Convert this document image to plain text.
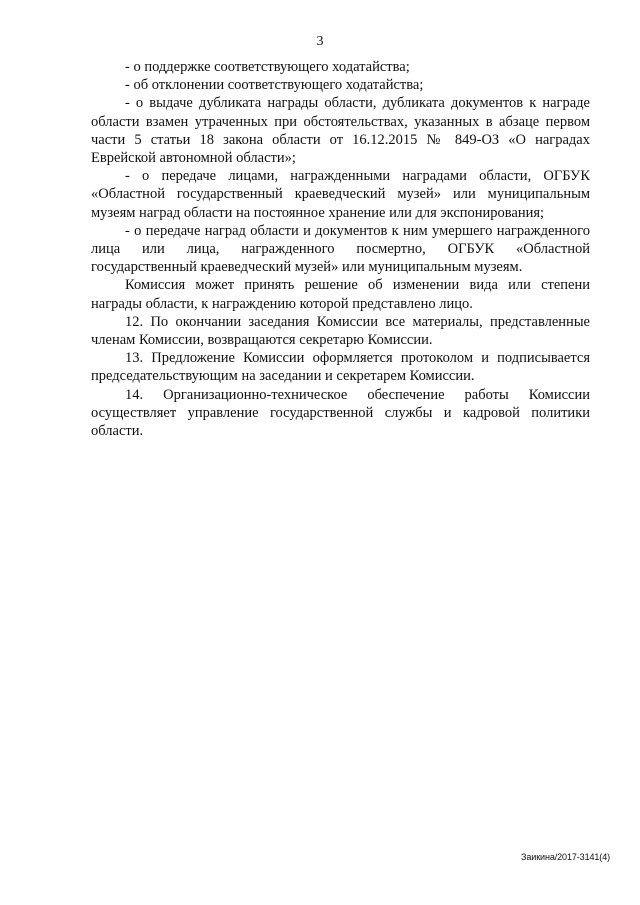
3

- о поддержке соответствующего ходатайства;

- об отклонении соответствующего ходатайства;

- о выдаче дубликата награды области, дубликата документов к награде области взамен утраченных при обстоятельствах, указанных в абзаце первом части 5 статьи 18 закона области от 16.12.2015 № 849-ОЗ «О наградах Еврейской автономной области»;

- о передаче лицами, награжденными наградами области, ОГБУК «Областной государственный краеведческий музей» или муниципальным музеям наград области на постоянное хранение или для экспонирования;

- о передаче наград области и документов к ним умершего награжденного лица или лица, награжденного посмертно, ОГБУК «Областной государственный краеведческий музей» или муниципальным музеям.

Комиссия может принять решение об изменении вида или степени награды области, к награждению которой представлено лицо.

12. По окончании заседания Комиссии все материалы, представленные членам Комиссии, возвращаются секретарю Комиссии.

13. Предложение Комиссии оформляется протоколом и подписывается председательствующим на заседании и секретарем Комиссии.

14. Организационно-техническое обеспечение работы Комиссии осуществляет управление государственной службы и кадровой политики области.

Заикина/2017-3141(4)
